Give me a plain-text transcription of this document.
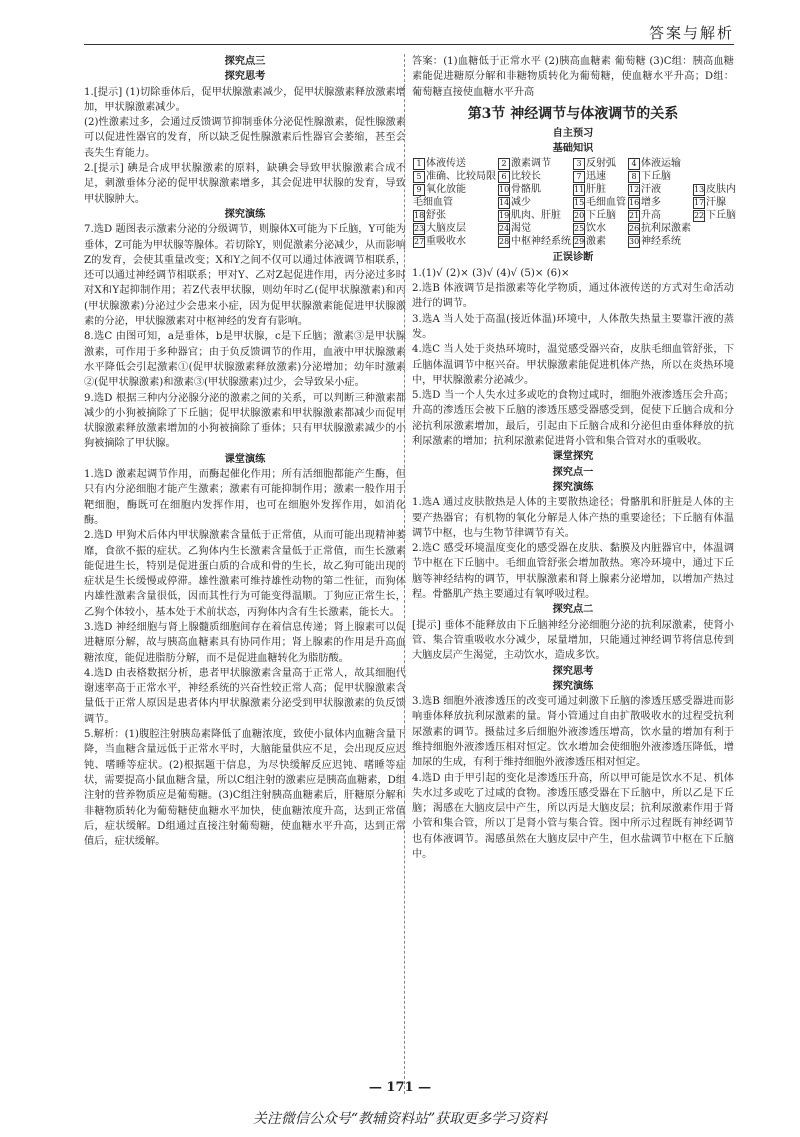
答案与解析

探究点三

探究思考

1.[提示] (1)切除垂体后，促甲状腺激素减少，促甲状腺激素释放激素增加，甲状腺激素减少。

(2)性激素过多，会通过反馈调节抑制垂体分泌促性腺激素，促性腺激素可以促进性器官的发育，所以缺乏促性腺激素后性器官会萎缩，甚至会丧失生育能力。

2.[提示] 碘是合成甲状腺激素的原料，缺碘会导致甲状腺激素合成不足，刺激垂体分泌的促甲状腺激素增多，其会促进甲状腺的发育，导致甲状腺肿大。

探究演练

7.选D 题图表示激素分泌的分级调节，则腺体X可能为下丘脑，Y可能为垂体，Z可能为甲状腺等腺体。若切除Y，则促激素分泌减少，从而影响Z的发育，会使其重量改变；X和Y之间不仅可以通过体液调节相联系，还可以通过神经调节相联系；甲对Y、乙对Z起促进作用，丙分泌过多时对X和Y起抑制作用；若Z代表甲状腺，则幼年时乙(促甲状腺激素)和丙(甲状腺激素)分泌过少会患来小症，因为促甲状腺激素能促进甲状腺激素的分泌，甲状腺激素对中枢神经的发育有影响。

8.选C 由图可知，a是垂体，b是甲状腺，c是下丘脑；激素③是甲状腺激素，可作用于多种器官；由于负反馈调节的作用，血液中甲状腺激素水平降低会引起激素①(促甲状腺激素释放激素)分泌增加；幼年时激素②(促甲状腺激素)和激素③(甲状腺激素)过少，会导致呆小症。

9.选D 根据三种内分泌腺分泌的激素之间的关系，可以判断三种激素都减少的小狗被摘除了下丘脑；促甲状腺激素和甲状腺激素都减少而促甲状腺激素释放激素增加的小狗被摘除了垂体；只有甲状腺激素减少的小狗被摘除了甲状腺。

课堂演练

1.选D 激素起调节作用，而酶起催化作用；所有活细胞都能产生酶，但只有内分泌细胞才能产生激素；激素有可能抑制作用；激素一般作用于靶细胞，酶既可在细胞内发挥作用，也可在细胞外发挥作用，如消化酶。

2.选D 甲狗术后体内甲状腺激素含量低于正常值，从而可能出现精神萎靡，食欲不振的症状。乙狗体内生长激素含量低于正常值，而生长激素能促进生长，特别是促进蛋白质的合成和骨的生长，故乙狗可能出现的症状是生长缓慢或停滞。雄性激素可维持雄性动物的第二性征，而狗体内雄性激素含量很低，因而其性行为可能变得温顺。丁狗应正常生长，乙狗个体较小，基本处于术前状态，丙狗体内含有生长激素，能长大。

3.选D 神经细胞与肾上腺髓质细胞间存在着信息传递；肾上腺素可以促进糖原分解，故与胰高血糖素具有协同作用；肾上腺素的作用是升高血糖浓度，能促进脂肪分解，而不是促进血糖转化为脂肪酸。

4.选D 由表格数据分析，患者甲状腺激素含量高于正常人，故其细胞代谢速率高于正常水平，神经系统的兴奋性较正常人高；促甲状腺激素含量低于正常人原因是患者体内甲状腺激素分泌受到甲状腺激素的负反馈调节。

5.解析：(1)腹腔注射胰岛素降低了血糖浓度，致使小鼠体内血糖含量下降，当血糖含量远低于正常水平时，大脑能量供应不足，会出现反应迟钝、嗜睡等症状。(2)根据题干信息，为尽快缓解反应迟钝、嗜睡等症状，需要提高小鼠血糖含量，所以C组注射的激素应是胰高血糖素，D组注射的营养物质应是葡萄糖。(3)C组注射胰高血糖素后，肝糖原分解和非糖物质转化为葡萄糖使血糖水平加快，使血糖浓度升高，达到正常值后，症状缓解。D组通过直接注射葡萄糖，使血糖水平升高，达到正常值后，症状缓解。

答案：(1)血糖低于正常水平 (2)胰高血糖素 葡萄糖 (3)C组：胰高血糖素能促进糖原分解和非糖物质转化为葡萄糖，使血糖水平升高；D组：葡萄糖直接使血糖水平升高

第3节 神经调节与体液调节的关系

自主预习

基础知识

1 体液传送	2 激素调节	3 反射弧	4 体液运输	
5 准确、比较局限	6 比较长	7 迅速	8 下丘脑	
9 氧化放能	10 骨骼肌	11 肝脏	12 汗液	13 皮肤内
毛细血管	14 减少	15 毛细血管	16 增多	17 汗腺
18 舒张	19 肌肉、肝脏	20 下丘脑	21 升高	22 下丘脑
23 大脑皮层	24 渴觉	25 饮水	26 抗利尿激素	
27 重吸收水	28 中枢神经系统	29 激素	30 神经系统	

正误诊断

1.(1)√ (2)× (3)√ (4)√ (5)× (6)×

2.选B 体液调节是指激素等化学物质，通过体液传送的方式对生命活动进行的调节。

3.选A 当人处于高温(接近体温)环境中，人体散失热量主要靠汗液的蒸发。

4.选C 当人处于炎热环境时，温觉感受器兴奋，皮肤毛细血管舒张，下丘脑体温调节中枢兴奋。甲状腺激素能促进机体产热，所以在炎热环境中，甲状腺激素分泌减少。

5.选D 当一个人失水过多或吃的食物过咸时，细胞外液渗透压会升高；升高的渗透压会被下丘脑的渗透压感受器感受到，促使下丘脑合成和分泌抗利尿激素增加，最后，引起由下丘脑合成和分泌但由垂体释放的抗利尿激素的增加；抗利尿激素促进肾小管和集合管对水的重吸收。

课堂探究

探究点一

探究演练

1.选A 通过皮肤散热是人体的主要散热途径；骨骼肌和肝脏是人体的主要产热器官；有机物的氧化分解是人体产热的重要途径；下丘脑有体温调节中枢，也与生物节律调节有关。

2.选C 感受环境温度变化的感受器在皮肤、黏膜及内脏器官中，体温调节中枢在下丘脑中。毛细血管舒张会增加散热。寒冷环境中，通过下丘脑等神经结构的调节，甲状腺激素和肾上腺素分泌增加，以增加产热过程。骨骼肌产热主要通过有氧呼吸过程。

探究点二

[提示] 垂体不能释放由下丘脑神经分泌细胞分泌的抗利尿激素，使肾小管、集合管重吸收水分减少，尿量增加，只能通过神经调节将信息传到大脑皮层产生渴觉，主动饮水，造成多饮。

探究思考

探究演练

3.选B 细胞外液渗透压的改变可通过刺激下丘脑的渗透压感受器进而影响垂体释放抗利尿激素的量。肾小管通过自由扩散吸收水的过程受抗利尿激素的调节。摄盐过多后细胞外液渗透压增高，饮水量的增加有利于维持细胞外液渗透压相对恒定。饮水增加会使细胞外液渗透压降低，增加尿的生成，有利于维持细胞外液渗透压相对恒定。

4.选D 由于甲引起的变化是渗透压升高，所以甲可能是饮水不足、机体失水过多或吃了过咸的食物。渗透压感受器在下丘脑中，所以乙是下丘脑；渴感在大脑皮层中产生，所以丙是大脑皮层；抗利尿激素作用于肾小管和集合管，所以丁是肾小管与集合管。图中所示过程既有神经调节也有体液调节。渴感虽然在大脑皮层中产生，但水盐调节中枢在下丘脑中。

— 171 —
关注微信公众号“教辅资料站”获取更多学习资料
